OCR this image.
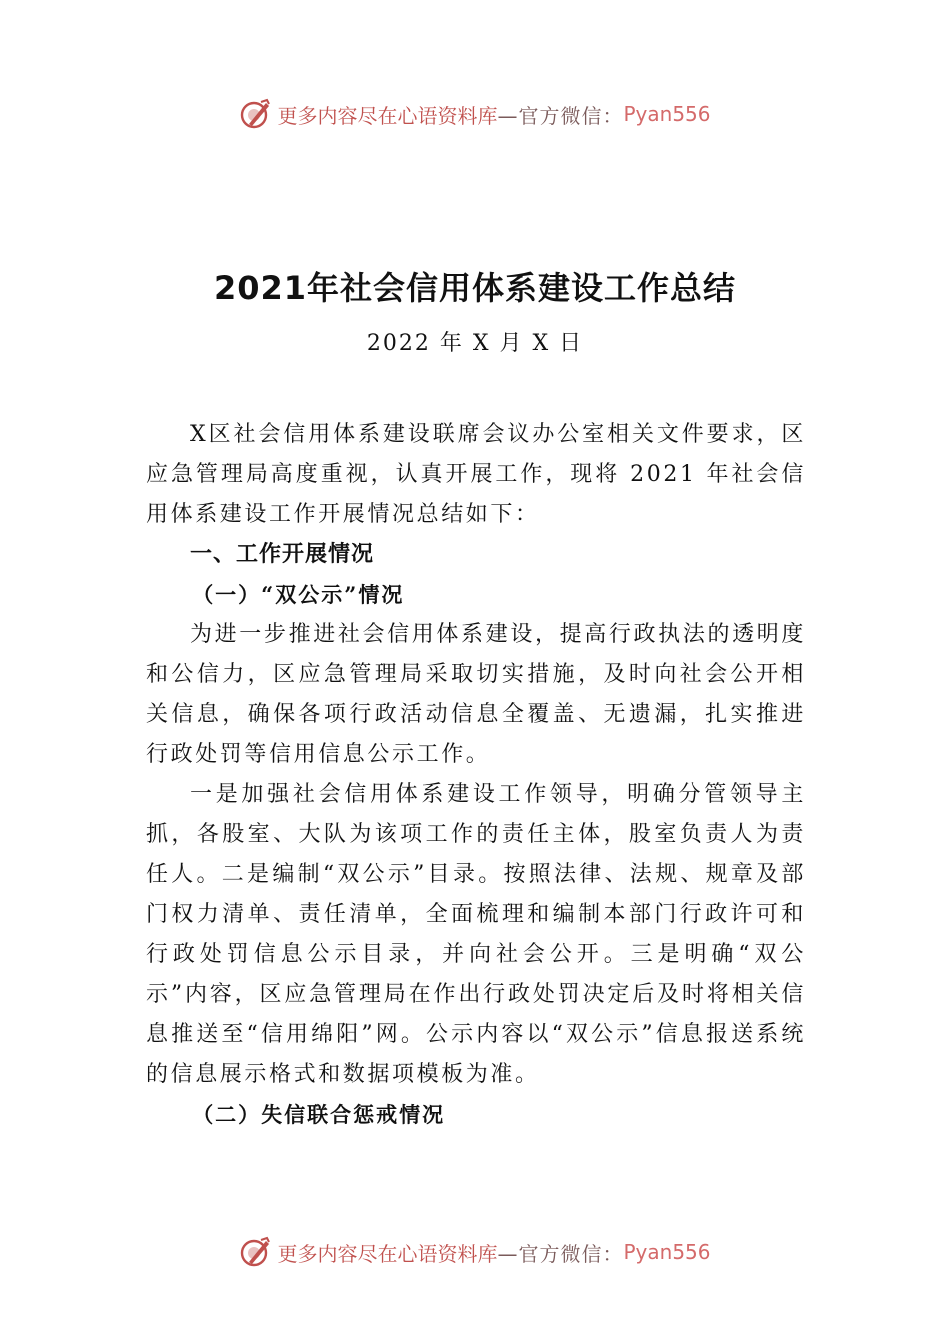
更多内容尽在心语资料库 —官方微信： Pyan556
2021年社会信用体系建设工作总结
2022 年 X 月 X 日

X区社会信用体系建设联席会议办公室相关文件要求，区应急管理局高度重视，认真开展工作，现将 2021 年社会信用体系建设工作开展情况总结如下：

一、工作开展情况

（一）“双公示”情况

为进一步推进社会信用体系建设，提高行政执法的透明度和公信力，区应急管理局采取切实措施，及时向社会公开相关信息，确保各项行政活动信息全覆盖、无遗漏，扎实推进行政处罚等信用信息公示工作。

一是加强社会信用体系建设工作领导，明确分管领导主抓，各股室、大队为该项工作的责任主体，股室负责人为责任人。二是编制“双公示”目录。按照法律、法规、规章及部门权力清单、责任清单，全面梳理和编制本部门行政许可和行政处罚信息公示目录，并向社会公开。三是明确“双公示”内容，区应急管理局在作出行政处罚决定后及时将相关信息推送至“信用绵阳”网。公示内容以“双公示”信息报送系统的信息展示格式和数据项模板为准。

（二）失信联合惩戒情况

更多内容尽在心语资料库 —官方微信： Pyan556
